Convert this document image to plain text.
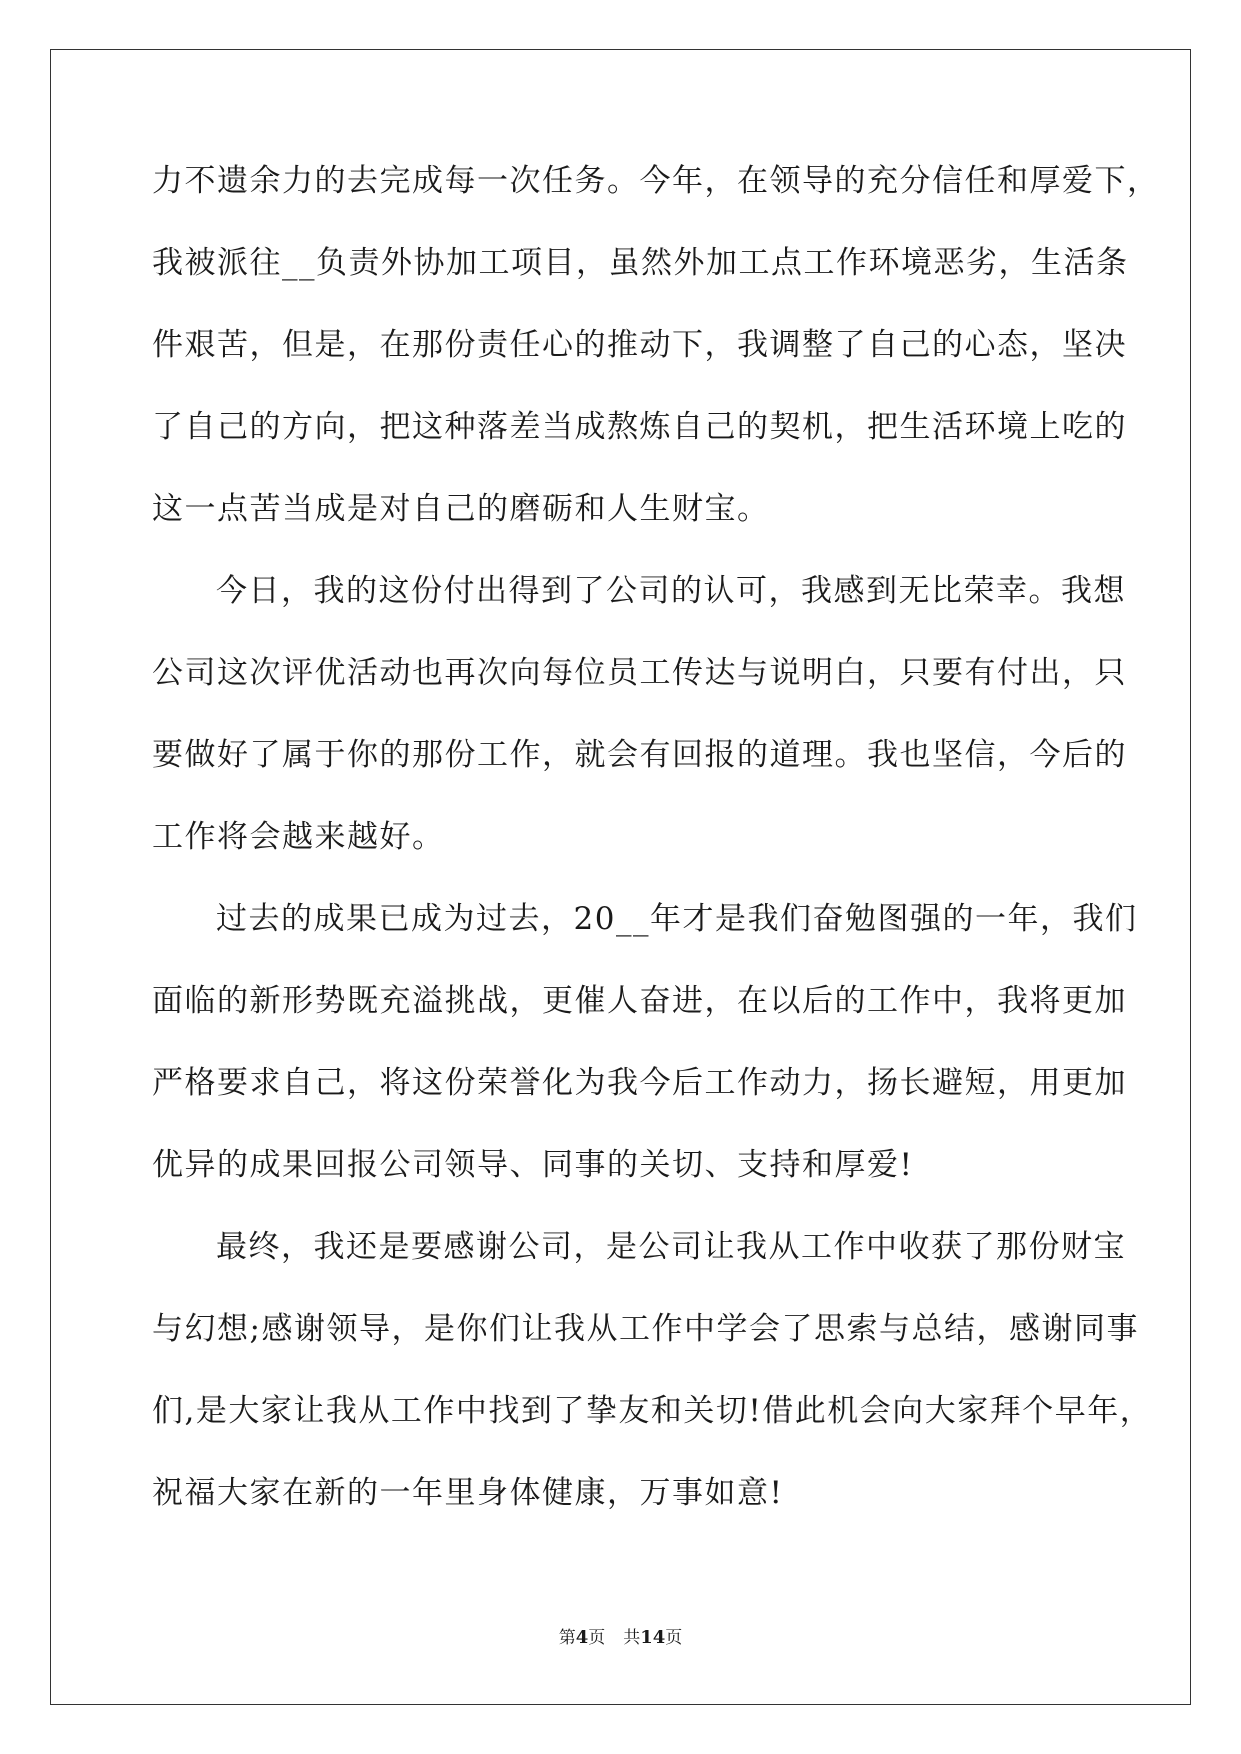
力不遗余力的去完成每一次任务。今年，在领导的充分信任和厚爱下，
我被派往__负责外协加工项目，虽然外加工点工作环境恶劣，生活条
件艰苦，但是，在那份责任心的推动下，我调整了自己的心态，坚决
了自己的方向，把这种落差当成熬炼自己的契机，把生活环境上吃的
这一点苦当成是对自己的磨砺和人生财宝。
今日，我的这份付出得到了公司的认可，我感到无比荣幸。我想
公司这次评优活动也再次向每位员工传达与说明白，只要有付出，只
要做好了属于你的那份工作，就会有回报的道理。我也坚信，今后的
工作将会越来越好。
过去的成果已成为过去，20__年才是我们奋勉图强的一年，我们
面临的新形势既充溢挑战，更催人奋进，在以后的工作中，我将更加
严格要求自己，将这份荣誉化为我今后工作动力，扬长避短，用更加
优异的成果回报公司领导、同事的关切、支持和厚爱!
最终，我还是要感谢公司，是公司让我从工作中收获了那份财宝
与幻想;感谢领导，是你们让我从工作中学会了思索与总结，感谢同事
们,是大家让我从工作中找到了挚友和关切!借此机会向大家拜个早年，
祝福大家在新的一年里身体健康，万事如意!
第4页 共14页
